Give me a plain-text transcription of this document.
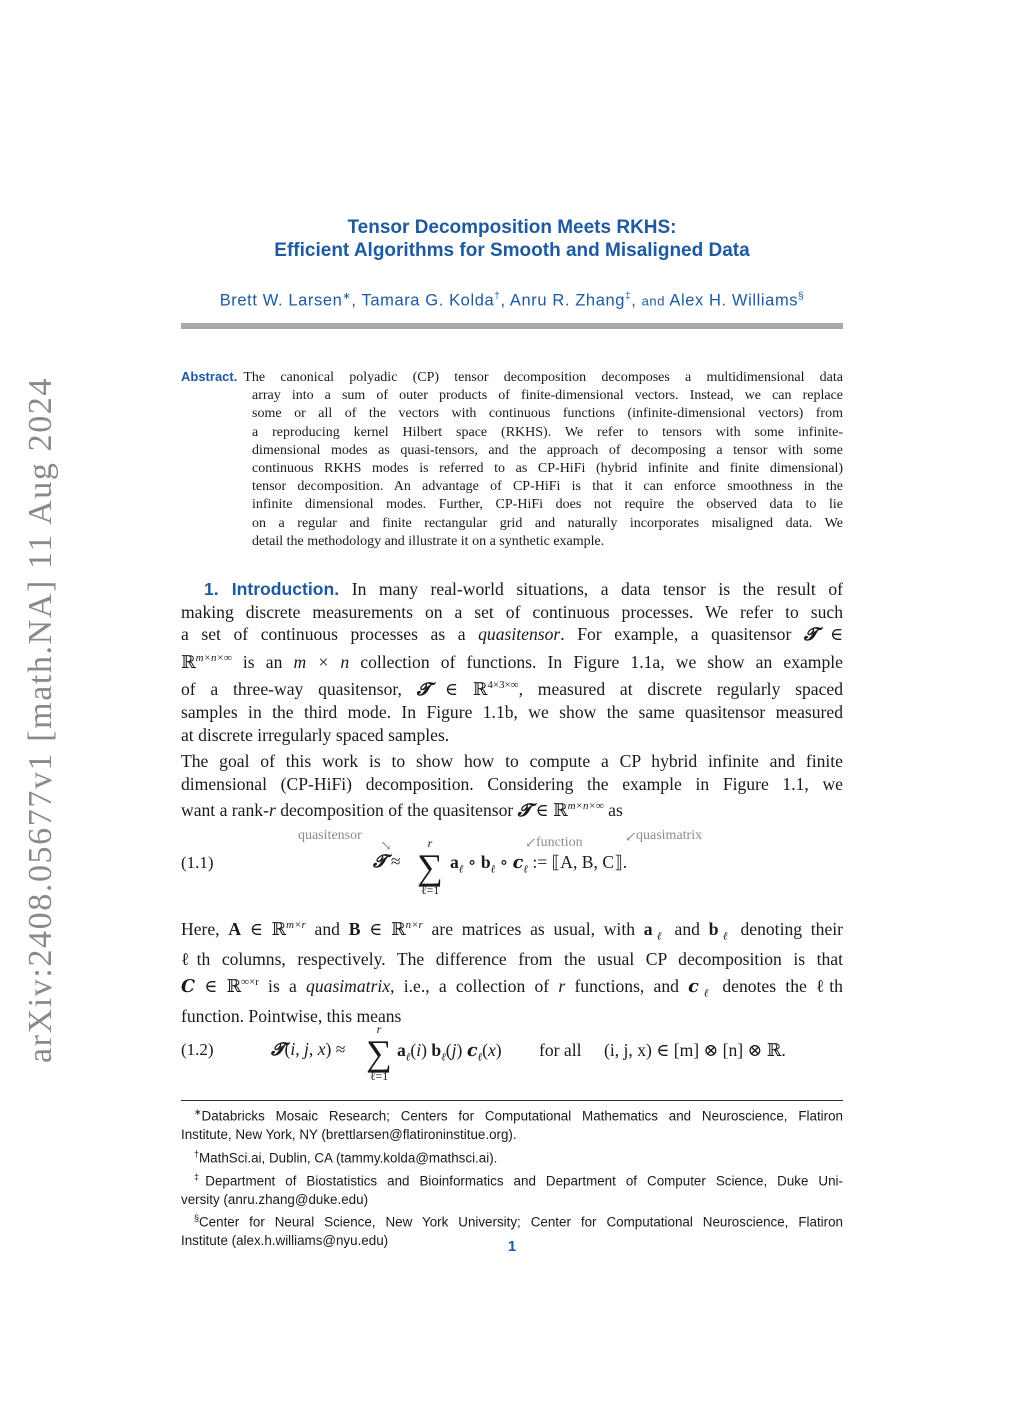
arXiv:2408.05677v1 [math.NA] 11 Aug 2024
Tensor Decomposition Meets RKHS:
Efficient Algorithms for Smooth and Misaligned Data
Brett W. Larsen∗, Tamara G. Kolda†, Anru R. Zhang‡, and Alex H. Williams§
Abstract. The canonical polyadic (CP) tensor decomposition decomposes a multidimensional data
array into a sum of outer products of finite-dimensional vectors. Instead, we can replace
some or all of the vectors with continuous functions (infinite-dimensional vectors) from
a reproducing kernel Hilbert space (RKHS). We refer to tensors with some infinite-
dimensional modes as quasi-tensors, and the approach of decomposing a tensor with some
continuous RKHS modes is referred to as CP-HiFi (hybrid infinite and finite dimensional)
tensor decomposition. An advantage of CP-HiFi is that it can enforce smoothness in the
infinite dimensional modes. Further, CP-HiFi does not require the observed data to lie
on a regular and finite rectangular grid and naturally incorporates misaligned data. We
detail the methodology and illustrate it on a synthetic example.
1. Introduction. In many real-world situations, a data tensor is the result of
making discrete measurements on a set of continuous processes. We refer to such
a set of continuous processes as a quasitensor. For example, a quasitensor 𝓣 ∈
ℝ$^{m\times n\times\infty}$ is an m × n collection of functions. In Figure 1.1a, we show an example
of a three-way quasitensor, 𝓣 ∈ ℝ$^{4\times 3\times\infty}$, measured at discrete regularly spaced
samples in the third mode. In Figure 1.1b, we show the same quasitensor measured
at discrete irregularly spaced samples.
The goal of this work is to show how to compute a CP hybrid infinite and finite
dimensional (CP-HiFi) decomposition. Considering the example in Figure 1.1, we
want a rank-r decomposition of the quasitensor 𝓣 ∈ ℝ$^{m\times n\times\infty}$ as
(1.1)
quasitensor
↘	↙ function	↙ quasimatrix
𝓣 ≈
r
∑
ℓ=1
$a_\ell$ ∘ $b_\ell$ ∘ $c_\ell$ := ⟦A, B, C⟧.
Here, A ∈ ℝ$^{m\times r}$ and B ∈ ℝ$^{n\times r}$ are matrices as usual, with $a_\ell$ and $b_\ell$ denoting their
ℓth columns, respectively. The difference from the usual CP decomposition is that
C ∈ ℝ$^{\infty\times r}$ is a quasimatrix, i.e., a collection of r functions, and $c_\ell$ denotes the ℓth
function. Pointwise, this means
(1.2)	𝓣(i, j, x) ≈
r
∑
ℓ=1
$a_\ell(i)$ $b_\ell(j)$ $c_\ell(x)$ for all (i, j, x) ∈ [m] ⊗ [n] ⊗ ℝ.
∗Databricks Mosaic Research; Centers for Computational Mathematics and Neuroscience, Flatiron
Institute, New York, NY (brettlarsen@flatironinstitue.org).
†MathSci.ai, Dublin, CA (tammy.kolda@mathsci.ai).
‡Department of Biostatistics and Bioinformatics and Department of Computer Science, Duke Uni-
versity (anru.zhang@duke.edu)
§Center for Neural Science, New York University; Center for Computational Neuroscience, Flatiron
Institute (alex.h.williams@nyu.edu)	1
